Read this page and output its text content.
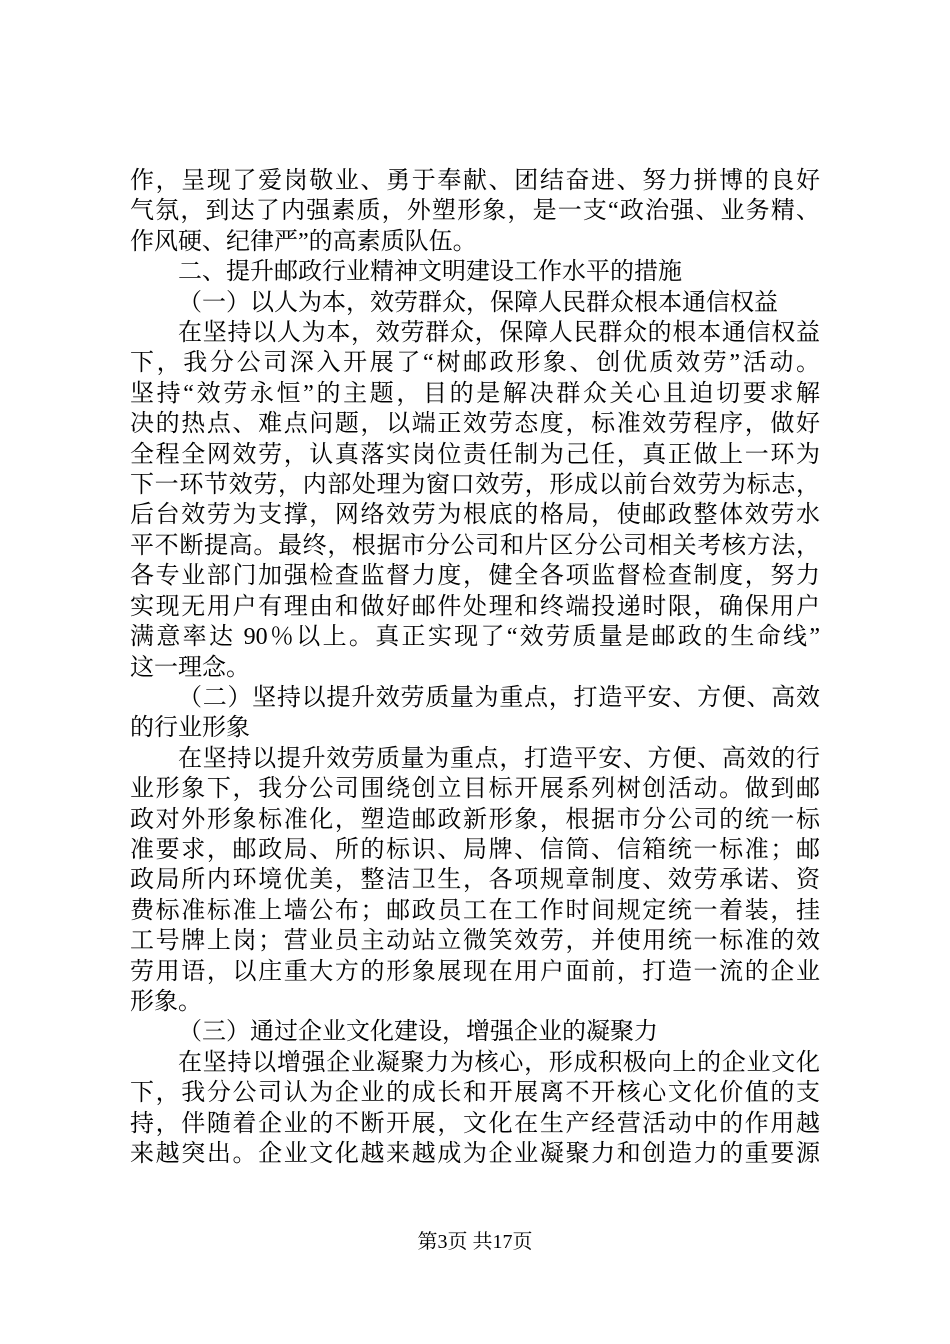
作，呈现了爱岗敬业、勇于奉献、团结奋进、努力拼博的良好
气氛，到达了内强素质，外塑形象，是一支“政治强、业务精、
作风硬、纪律严”的高素质队伍。
二、提升邮政行业精神文明建设工作水平的措施
（一）以人为本，效劳群众，保障人民群众根本通信权益
在坚持以人为本，效劳群众，保障人民群众的根本通信权益
下，我分公司深入开展了“树邮政形象、创优质效劳”活动。
坚持“效劳永恒”的主题，目的是解决群众关心且迫切要求解
决的热点、难点问题，以端正效劳态度，标准效劳程序，做好
全程全网效劳，认真落实岗位责任制为己任，真正做上一环为
下一环节效劳，内部处理为窗口效劳，形成以前台效劳为标志，
后台效劳为支撑，网络效劳为根底的格局，使邮政整体效劳水
平不断提高。最终，根据市分公司和片区分公司相关考核方法，
各专业部门加强检查监督力度，健全各项监督检查制度，努力
实现无用户有理由和做好邮件处理和终端投递时限，确保用户
满意率达 90％以上。真正实现了“效劳质量是邮政的生命线”
这一理念。
（二）坚持以提升效劳质量为重点，打造平安、方便、高效
的行业形象
在坚持以提升效劳质量为重点，打造平安、方便、高效的行
业形象下，我分公司围绕创立目标开展系列树创活动。做到邮
政对外形象标准化，塑造邮政新形象，根据市分公司的统一标
准要求，邮政局、所的标识、局牌、信筒、信箱统一标准；邮
政局所内环境优美，整洁卫生，各项规章制度、效劳承诺、资
费标准标准上墙公布；邮政员工在工作时间规定统一着装，挂
工号牌上岗；营业员主动站立微笑效劳，并使用统一标准的效
劳用语，以庄重大方的形象展现在用户面前，打造一流的企业
形象。
（三）通过企业文化建设，增强企业的凝聚力
在坚持以增强企业凝聚力为核心，形成积极向上的企业文化
下，我分公司认为企业的成长和开展离不开核心文化价值的支
持，伴随着企业的不断开展，文化在生产经营活动中的作用越
来越突出。企业文化越来越成为企业凝聚力和创造力的重要源
第3页 共17页
